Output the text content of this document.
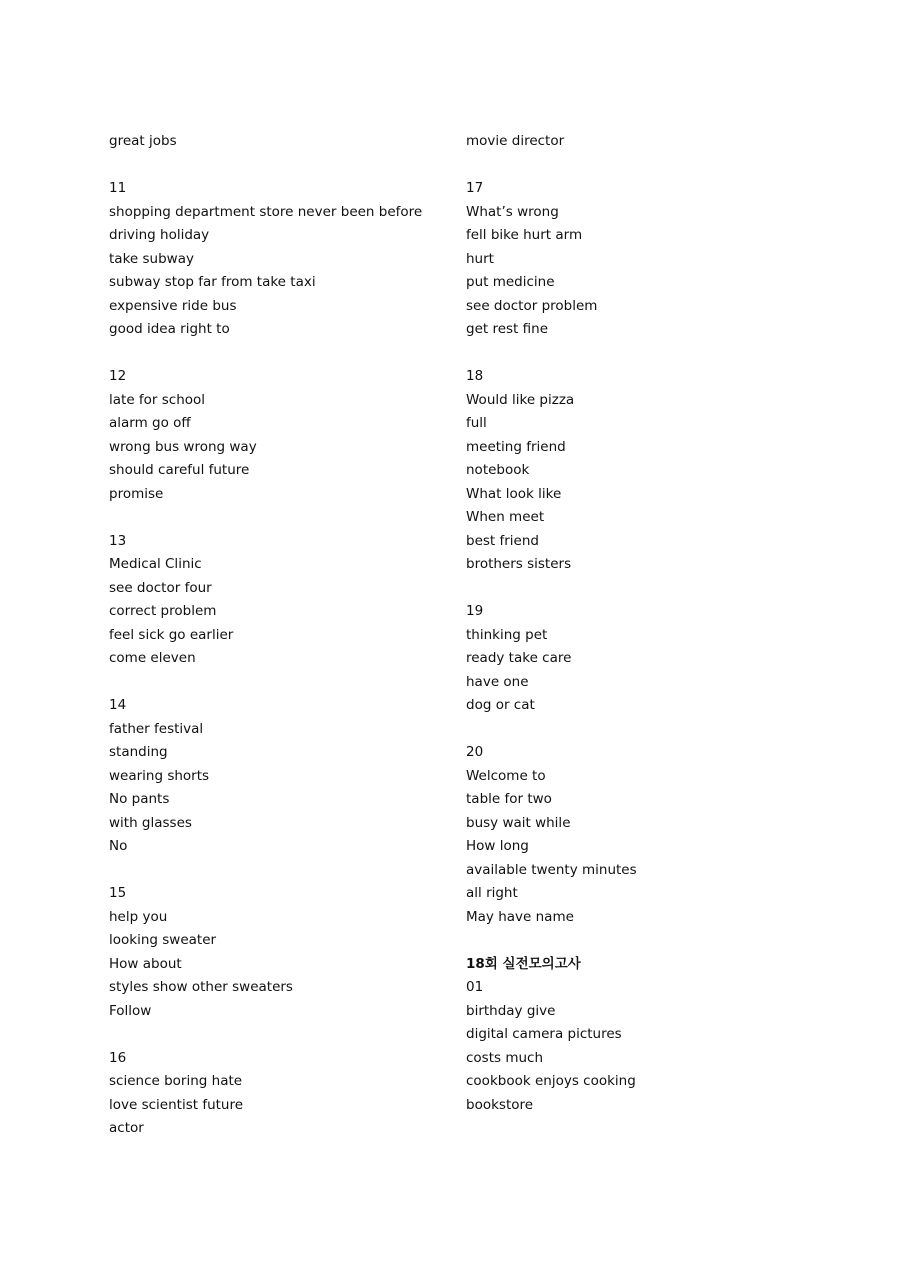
great jobs
11
shopping department store never been before
driving holiday
take subway
subway stop far from take taxi
expensive ride bus
good idea right to
12
late for school
alarm go off
wrong bus wrong way
should careful future
promise
13
Medical Clinic
see doctor four
correct problem
feel sick go earlier
come eleven
14
father festival
standing
wearing shorts
No pants
with glasses
No
15
help you
looking sweater
How about
styles show other sweaters
Follow
16
science boring hate
love scientist future
actor
movie director
17
What’s wrong
fell bike hurt arm
hurt
put medicine
see doctor problem
get rest fine
18
Would like pizza
full
meeting friend
notebook
What look like
When meet
best friend
brothers sisters
19
thinking pet
ready take care
have one
dog or cat
20
Welcome to
table for two
busy wait while
How long
available twenty minutes
all right
May have name
18회 실전모의고사
01
birthday give
digital camera pictures
costs much
cookbook enjoys cooking
bookstore
